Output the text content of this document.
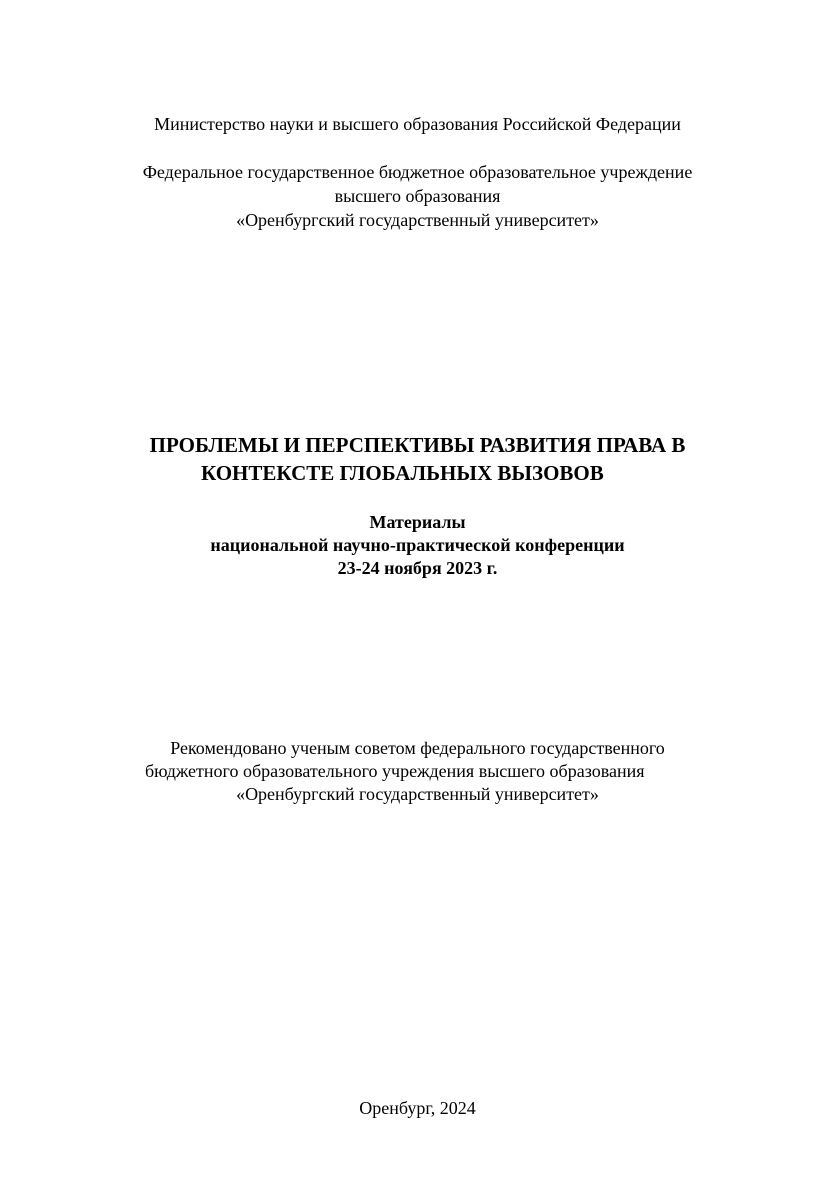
Министерство науки и высшего образования Российской Федерации
Федеральное государственное бюджетное образовательное учреждение
высшего образования
«Оренбургский государственный университет»
ПРОБЛЕМЫ И ПЕРСПЕКТИВЫ РАЗВИТИЯ ПРАВА В
КОНТЕКСТЕ ГЛОБАЛЬНЫХ ВЫЗОВОВ
Материалы
национальной научно-практической конференции
23-24 ноября 2023 г.
Рекомендовано ученым советом федерального государственного
бюджетного образовательного учреждения высшего образования
«Оренбургский государственный университет»
Оренбург, 2024
